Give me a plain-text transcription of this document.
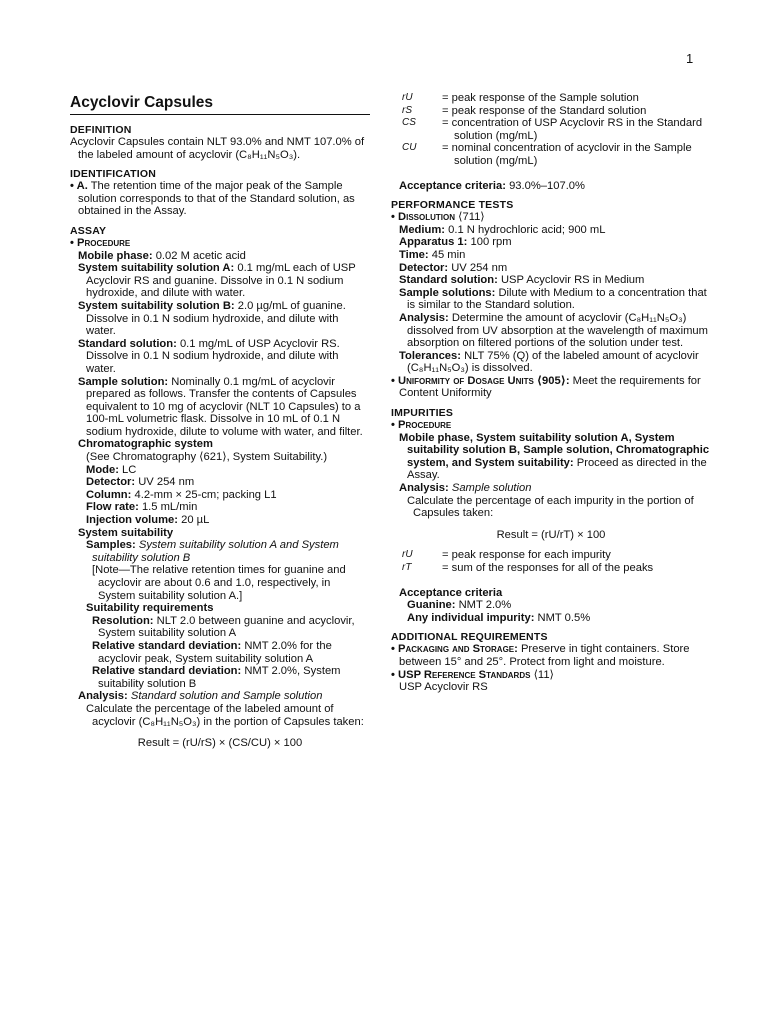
1
Acyclovir Capsules
DEFINITION

Acyclovir Capsules contain NLT 93.0% and NMT 107.0% of the labeled amount of acyclovir (C₈H₁₁N₅O₃).

IDENTIFICATION

• A. The retention time of the major peak of the Sample solution corresponds to that of the Standard solution, as obtained in the Assay.

ASSAY

• Procedure

Mobile phase: 0.02 M acetic acid

System suitability solution A: 0.1 mg/mL each of USP Acyclovir RS and guanine. Dissolve in 0.1 N sodium hydroxide, and dilute with water.

System suitability solution B: 2.0 µg/mL of guanine. Dissolve in 0.1 N sodium hydroxide, and dilute with water.

Standard solution: 0.1 mg/mL of USP Acyclovir RS. Dissolve in 0.1 N sodium hydroxide, and dilute with water.

Sample solution: Nominally 0.1 mg/mL of acyclovir prepared as follows. Transfer the contents of Capsules equivalent to 10 mg of acyclovir (NLT 10 Capsules) to a 100-mL volumetric flask. Dissolve in 10 mL of 0.1 N sodium hydroxide, dilute to volume with water, and filter.

Chromatographic system

(See Chromatography ⟨621⟩, System Suitability.)

Mode: LC

Detector: UV 254 nm

Column: 4.2-mm × 25-cm; packing L1

Flow rate: 1.5 mL/min

Injection volume: 20 µL

System suitability

Samples: System suitability solution A and System suitability solution B

[Note—The relative retention times for guanine and acyclovir are about 0.6 and 1.0, respectively, in System suitability solution A.]

Suitability requirements

Resolution: NLT 2.0 between guanine and acyclovir, System suitability solution A

Relative standard deviation: NMT 2.0% for the acyclovir peak, System suitability solution A

Relative standard deviation: NMT 2.0%, System suitability solution B

Analysis: Standard solution and Sample solution

Calculate the percentage of the labeled amount of acyclovir (C₈H₁₁N₅O₃) in the portion of Capsules taken:

Result = (rU/rS) × (CS/CU) × 100

rU	= peak response of the Sample solution
rS	= peak response of the Standard solution
CS	= concentration of USP Acyclovir RS in the Standard solution (mg/mL)
CU	= nominal concentration of acyclovir in the Sample solution (mg/mL)

Acceptance criteria: 93.0%–107.0%

PERFORMANCE TESTS

• Dissolution ⟨711⟩

Medium: 0.1 N hydrochloric acid; 900 mL

Apparatus 1: 100 rpm

Time: 45 min

Detector: UV 254 nm

Standard solution: USP Acyclovir RS in Medium

Sample solutions: Dilute with Medium to a concentration that is similar to the Standard solution.

Analysis: Determine the amount of acyclovir (C₈H₁₁N₅O₃) dissolved from UV absorption at the wavelength of maximum absorption on filtered portions of the solution under test.

Tolerances: NLT 75% (Q) of the labeled amount of acyclovir (C₈H₁₁N₅O₃) is dissolved.

• Uniformity of Dosage Units ⟨905⟩: Meet the requirements for Content Uniformity

IMPURITIES

• Procedure

Mobile phase, System suitability solution A, System suitability solution B, Sample solution, Chromatographic system, and System suitability: Proceed as directed in the Assay.

Analysis: Sample solution

Calculate the percentage of each impurity in the portion of Capsules taken:

Result = (rU/rT) × 100

rU	= peak response for each impurity
rT	= sum of the responses for all of the peaks

Acceptance criteria

Guanine: NMT 2.0%

Any individual impurity: NMT 0.5%

ADDITIONAL REQUIREMENTS

• Packaging and Storage: Preserve in tight containers. Store between 15° and 25°. Protect from light and moisture.

• USP Reference Standards ⟨11⟩

USP Acyclovir RS
